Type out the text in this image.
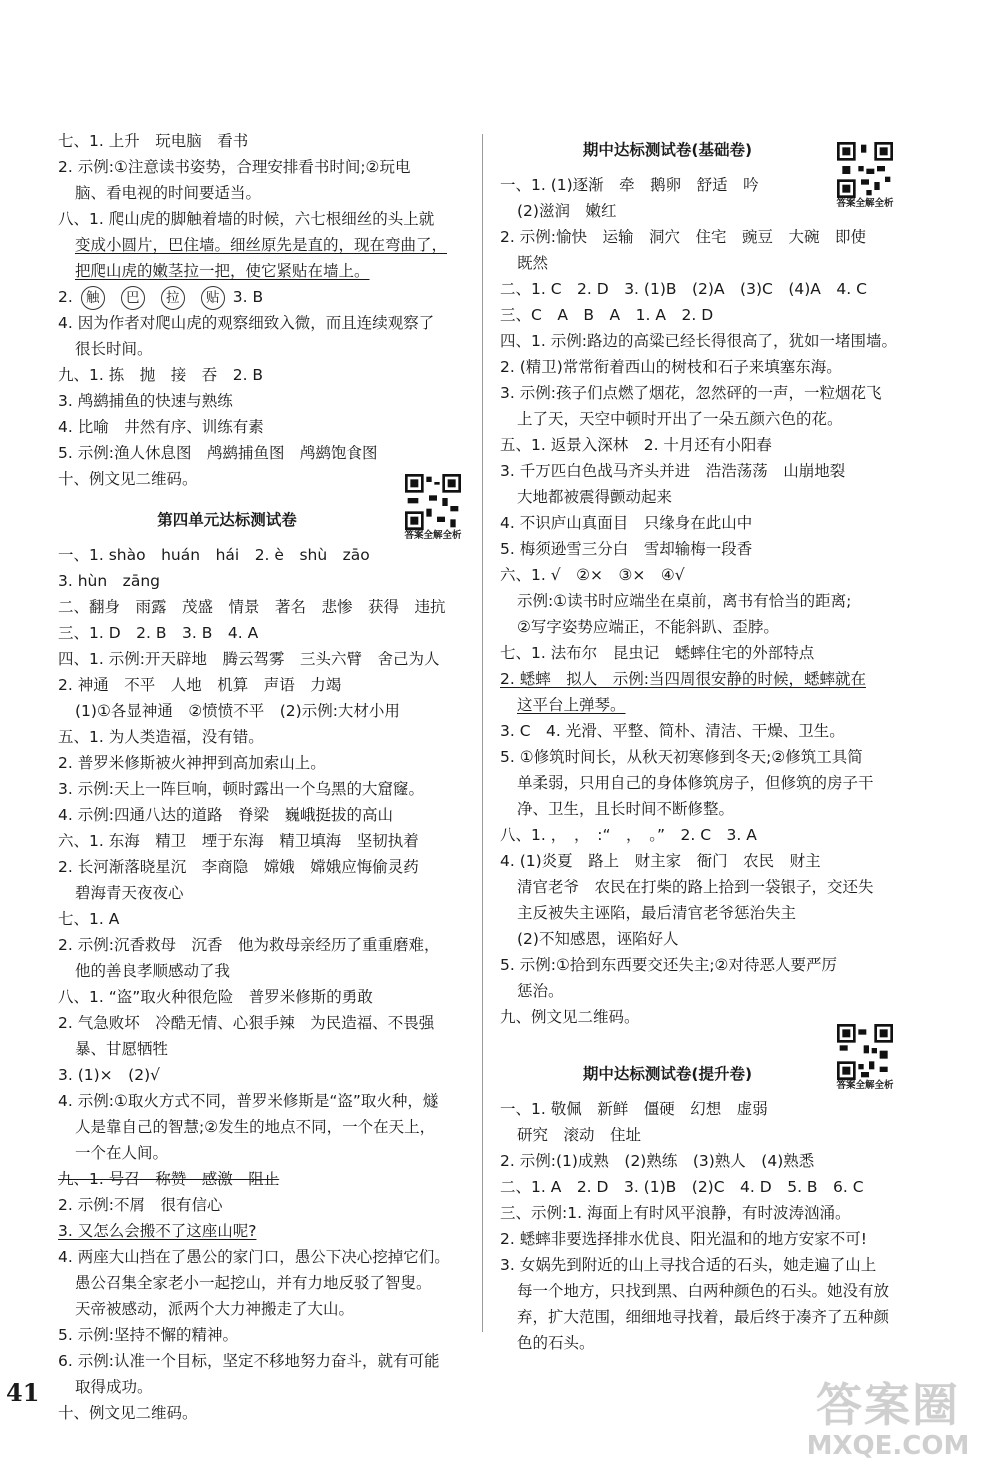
七、1. 上升　玩电脑　看书
2. 示例:①注意读书姿势，合理安排看书时间;②玩电
脑、看电视的时间要适当。
八、1. 爬山虎的脚触着墙的时候，六七根细丝的头上就
变成小圆片，巴住墙。细丝原先是直的，现在弯曲了，
把爬山虎的嫩茎拉一把，使它紧贴在墙上。
2. 触 巴 拉 贴 3. B
4. 因为作者对爬山虎的观察细致入微，而且连续观察了
很长时间。
九、1. 拣　抛　接　吞　2. B
3. 鸬鹚捕鱼的快速与熟练
4. 比喻　井然有序、训练有素
5. 示例:渔人休息图　鸬鹚捕鱼图　鸬鹚饱食图
十、例文见二维码。
第四单元达标测试卷
一、1. shào　huán　hái　2. è　shù　zāo
3. hùn　zāng
二、翻身　雨露　茂盛　情景　著名　悲惨　获得　违抗
三、1. D　2. B　3. B　4. A
四、1. 示例:开天辟地　腾云驾雾　三头六臂　舍己为人
2. 神通　不平　人地　机算　声语　力竭
(1)①各显神通　②愤愤不平　(2)示例:大材小用
五、1. 为人类造福，没有错。
2. 普罗米修斯被火神押到高加索山上。
3. 示例:天上一阵巨响，顿时露出一个乌黑的大窟窿。
4. 示例:四通八达的道路　脊梁　巍峨挺拔的高山
六、1. 东海　精卫　堙于东海　精卫填海　坚韧执着
2. 长河渐落晓星沉　李商隐　嫦娥　嫦娥应悔偷灵药
碧海青天夜夜心
七、1. A
2. 示例:沉香救母　沉香　他为救母亲经历了重重磨难，
他的善良孝顺感动了我
八、1. “盗”取火种很危险　普罗米修斯的勇敢
2. 气急败坏　冷酷无情、心狠手辣　为民造福、不畏强
暴、甘愿牺牲
3. (1)×　(2)√
4. 示例:①取火方式不同，普罗米修斯是“盗”取火种，燧
人是靠自己的智慧;②发生的地点不同，一个在天上，
一个在人间。
九、1. 号召　称赞　感激　阻止
2. 示例:不屑　很有信心
3. 又怎么会搬不了这座山呢?
4. 两座大山挡在了愚公的家门口，愚公下决心挖掉它们。
愚公召集全家老小一起挖山，并有力地反驳了智叟。
天帝被感动，派两个大力神搬走了大山。
5. 示例:坚持不懈的精神。
6. 示例:认准一个目标，坚定不移地努力奋斗，就有可能
取得成功。
十、例文见二维码。
期中达标测试卷(基础卷)
一、1. (1)逐渐　牵　鹅卵　舒适　吟
(2)滋润　嫩红
2. 示例:愉快　运输　洞穴　住宅　豌豆　大碗　即使
既然
二、1. C　2. D　3. (1)B　(2)A　(3)C　(4)A　4. C
三、C　A　B　A　1. A　2. D
四、1. 示例:路边的高粱已经长得很高了，犹如一堵围墙。
2. (精卫)常常衔着西山的树枝和石子来填塞东海。
3. 示例:孩子们点燃了烟花，忽然砰的一声，一粒烟花飞
上了天，天空中顿时开出了一朵五颜六色的花。
五、1. 返景入深林　2. 十月还有小阳春
3. 千万匹白色战马齐头并进　浩浩荡荡　山崩地裂
大地都被震得颤动起来
4. 不识庐山真面目　只缘身在此山中
5. 梅须逊雪三分白　雪却输梅一段香
六、1. √　②×　③×　④√
示例:①读书时应端坐在桌前，离书有恰当的距离;
②写字姿势应端正，不能斜趴、歪脖。
七、1. 法布尔　昆虫记　蟋蟀住宅的外部特点
2. 蟋蟀　拟人　示例:当四周很安静的时候，蟋蟀就在
这平台上弹琴。
3. C　4. 光滑、平整、简朴、清洁、干燥、卫生。
5. ①修筑时间长，从秋天初寒修到冬天;②修筑工具简
单柔弱，只用自己的身体修筑房子，但修筑的房子干
净、卫生，且长时间不断修整。
八、1. ，　，　:“　，　。”　2. C　3. A
4. (1)炎夏　路上　财主家　衙门　农民　财主
清官老爷　农民在打柴的路上拾到一袋银子，交还失
主反被失主诬陷，最后清官老爷惩治失主
(2)不知感恩，诬陷好人
5. 示例:①拾到东西要交还失主;②对待恶人要严厉
惩治。
九、例文见二维码。
期中达标测试卷(提升卷)
一、1. 敬佩　新鲜　僵硬　幻想　虚弱
研究　滚动　住址
2. 示例:(1)成熟　(2)熟练　(3)熟人　(4)熟悉
二、1. A　2. D　3. (1)B　(2)C　4. D　5. B　6. C
三、示例:1. 海面上有时风平浪静，有时波涛汹涌。
2. 蟋蟀非要选择排水优良、阳光温和的地方安家不可!
3. 女娲先到附近的山上寻找合适的石头，她走遍了山上
每一个地方，只找到黑、白两种颜色的石头。她没有放
弃，扩大范围，细细地寻找着，最后终于凑齐了五种颜
色的石头。
答案全解全析
答案全解全析
答案全解全析
41	答案圈
MXQE.COM
